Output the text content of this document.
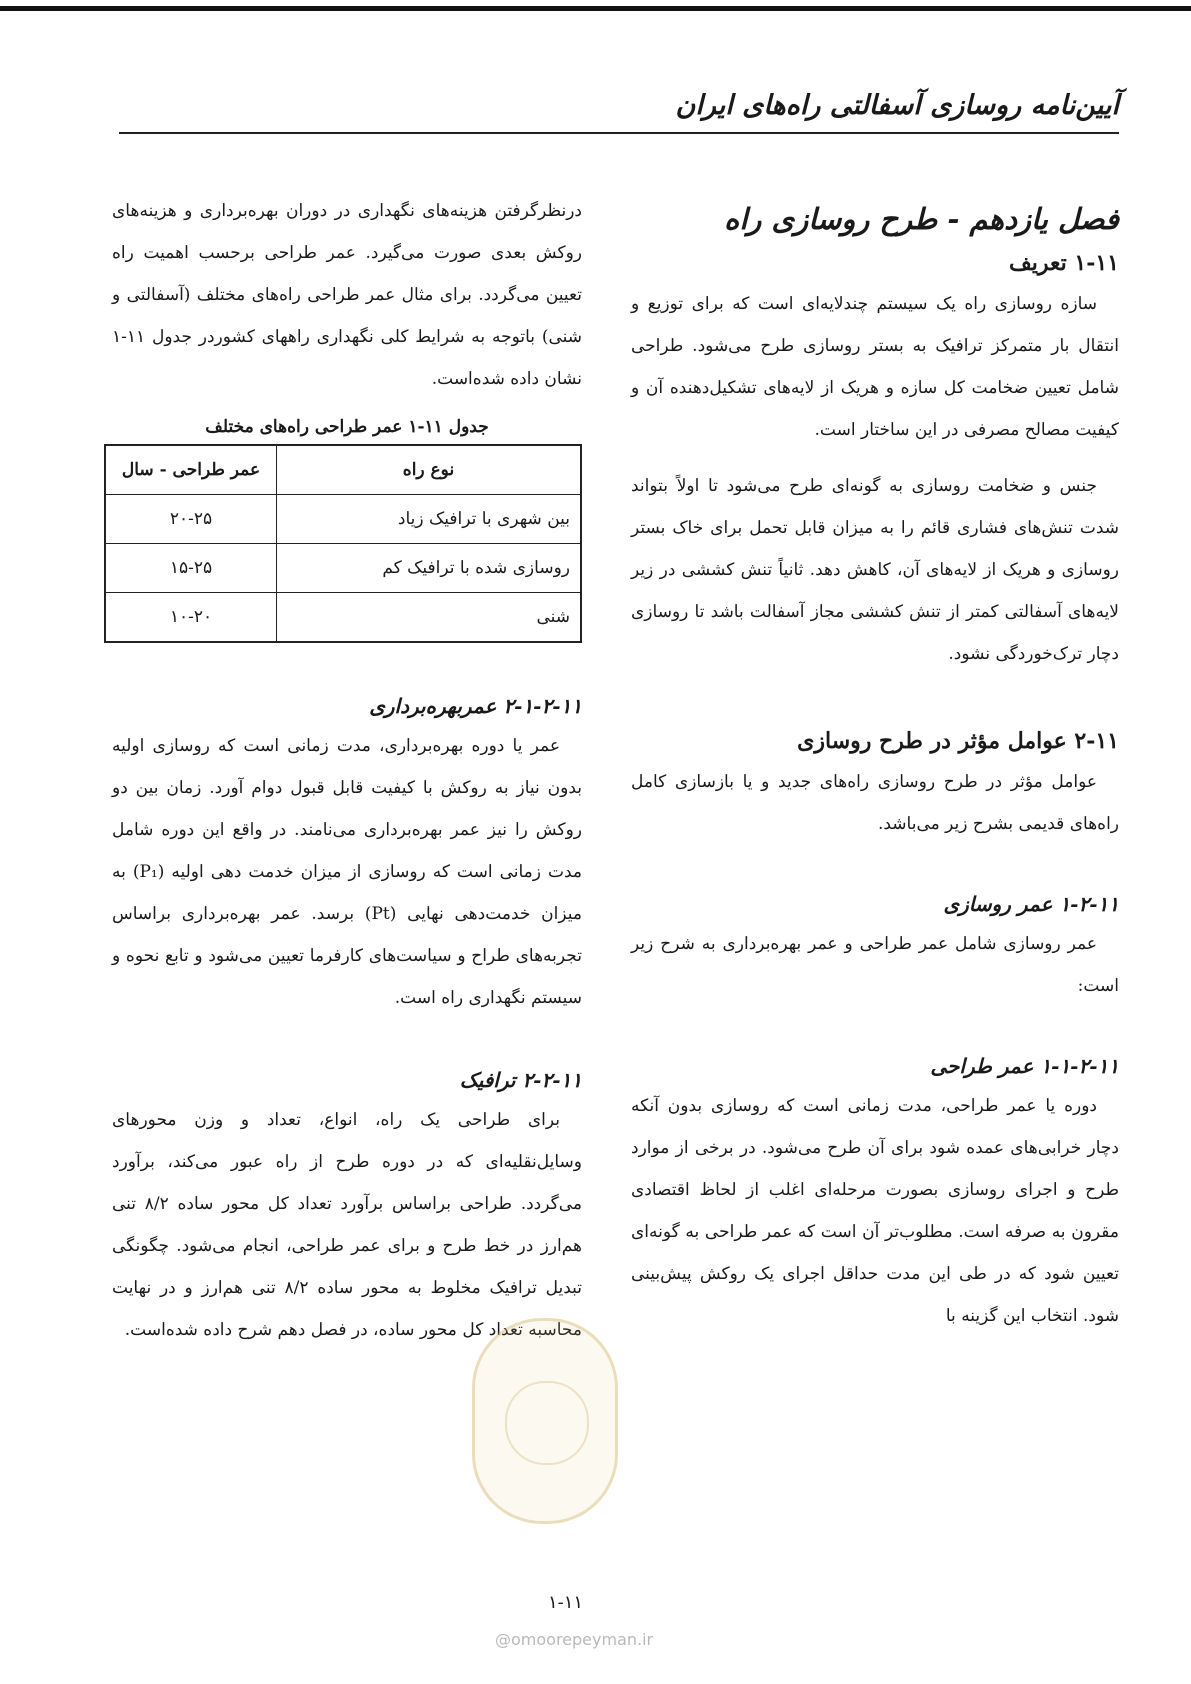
آیین‌نامه روسازی آسفالتی راه‌های ایران
فصل یازدهم - طرح روسازی راه
۱-۱۱ تعریف

سازه روسازی راه یک سیستم چندلایه‌ای است که برای توزیع و انتقال بار متمرکز ترافیک به بستر روسازی طرح می‌شود. طراحی شامل تعیین ضخامت کل سازه و هریک از لایه‌های تشکیل‌دهنده آن و کیفیت مصالح مصرفی در این ساختار است.

جنس و ضخامت روسازی به گونه‌ای طرح می‌شود تا اولاً بتواند شدت تنش‌های فشاری قائم را به میزان قابل تحمل برای خاک بستر روسازی و هریک از لایه‌های آن، کاهش دهد. ثانیاً تنش کششی در زیر لایه‌های آسفالتی کمتر از تنش کششی مجاز آسفالت باشد تا روسازی دچار ترک‌خوردگی نشود.

۲-۱۱ عوامل مؤثر در طرح روسازی

عوامل مؤثر در طرح روسازی راه‌های جدید و یا بازسازی کامل راه‌های قدیمی بشرح زیر می‌باشد.

۱-۲-۱۱ عمر روسازی

عمر روسازی شامل عمر طراحی و عمر بهره‌برداری به شرح زیر است:

۱-۱-۲-۱۱ عمر طراحی

دوره یا عمر طراحی، مدت زمانی است که روسازی بدون آنکه دچار خرابی‌های عمده شود برای آن طرح می‌شود. در برخی از موارد طرح و اجرای روسازی بصورت مرحله‌ای اغلب از لحاظ اقتصادی مقرون به صرفه است. مطلوب‌تر آن است که عمر طراحی به گونه‌ای تعیین شود که در طی این مدت حداقل اجرای یک روکش پیش‌بینی شود. انتخاب این گزینه با

درنظرگرفتن هزینه‌های نگهداری در دوران بهره‌برداری و هزینه‌های روکش بعدی صورت می‌گیرد. عمر طراحی برحسب اهمیت راه تعیین می‌گردد. برای مثال عمر طراحی راه‌های مختلف (آسفالتی و شنی) باتوجه به شرایط کلی نگهداری راههای کشوردر جدول ۱۱-۱ نشان داده شده‌است.

جدول ۱۱-۱ عمر طراحی راه‌های مختلف
نوع راه	عمر طراحی - سال
بین شهری با ترافیک زیاد	۲۰-۲۵
روسازی شده با ترافیک کم	۱۵-۲۵
شنی	۱۰-۲۰
۲-۱-۲-۱۱ عمربهره‌برداری

عمر یا دوره بهره‌برداری، مدت زمانی است که روسازی اولیه بدون نیاز به روکش با کیفیت قابل قبول دوام آورد. زمان بین دو روکش را نیز عمر بهره‌برداری می‌نامند. در واقع این دوره شامل مدت زمانی است که روسازی از میزان خدمت دهی اولیه (P₁) به میزان خدمت‌دهی نهایی (Pt) برسد. عمر بهره‌برداری براساس تجربه‌های طراح و سیاست‌های کارفرما تعیین می‌شود و تابع نحوه و سیستم نگهداری راه است.

۲-۲-۱۱ ترافیک

برای طراحی یک راه، انواع، تعداد و وزن محورهای وسایل‌نقلیه‌ای که در دوره طرح از راه عبور می‌کند، برآورد می‌گردد. طراحی براساس برآورد تعداد کل محور ساده ۸/۲ تنی هم‌ارز در خط طرح و برای عمر طراحی، انجام می‌شود. چگونگی تبدیل ترافیک مخلوط به محور ساده ۸/۲ تنی هم‌ارز و در نهایت محاسبه تعداد کل محور ساده، در فصل دهم شرح داده شده‌است.

۱-۱۱
@omoorepeyman.ir
